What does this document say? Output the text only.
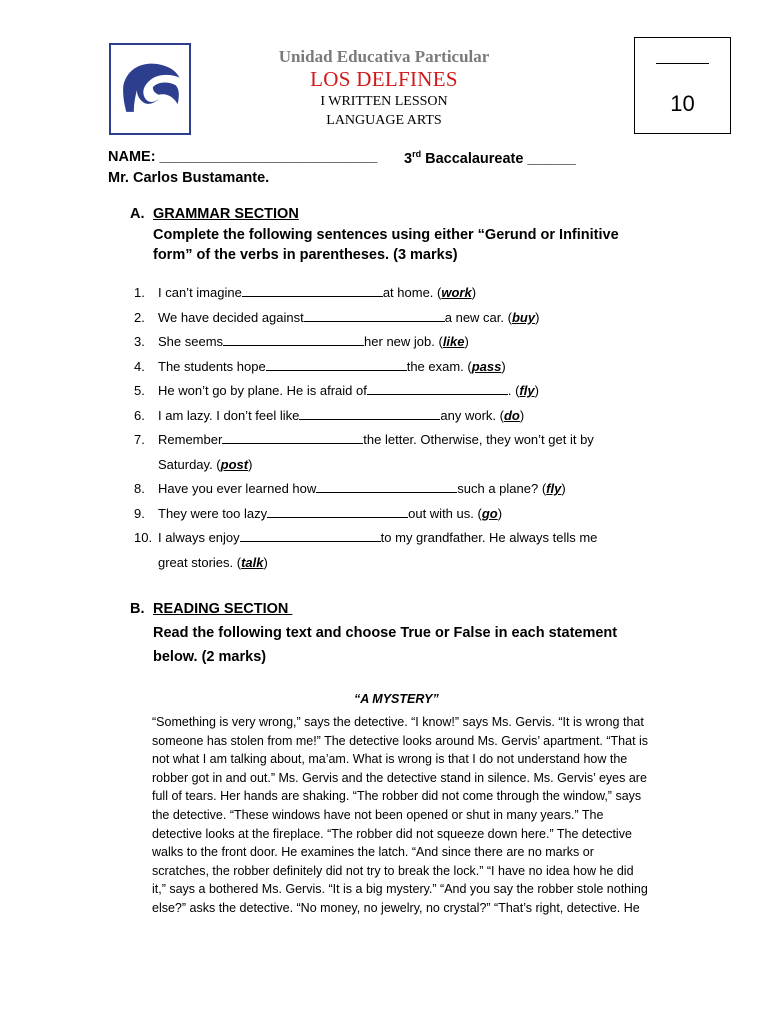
Unidad Educativa Particular
LOS DELFINES
I WRITTEN LESSON
LANGUAGE ARTS
10
NAME: ___________________________ 3rd Baccalaureate ______
Mr. Carlos Bustamante.
A. GRAMMAR SECTION
Complete the following sentences using either “Gerund or Infinitive
form” of the verbs in parentheses. (3 marks)
1. I can’t imagine	at home. (work)
2. We have decided against	a new car. (buy)
3. She seems	her new job. (like)
4. The students hope	the exam. (pass)
5. He won’t go by plane. He is afraid of	. (fly)
6. I am lazy. I don’t feel like	any work. (do)
7. Remember	the letter. Otherwise, they won’t get it by
Saturday. (post)
8. Have you ever learned how	such a plane? (fly)
9. They were too lazy	out with us. (go)
10. I always enjoy	to my grandfather. He always tells me
great stories. (talk)
B. READING SECTION
Read the following text and choose True or False in each statement
below. (2 marks)
“A MYSTERY”
“Something is very wrong,” says the detective. “I know!” says Ms. Gervis. “It is wrong that
someone has stolen from me!” The detective looks around Ms. Gervis’ apartment. “That is
not what I am talking about, ma’am. What is wrong is that I do not understand how the
robber got in and out.” Ms. Gervis and the detective stand in silence. Ms. Gervis’ eyes are
full of tears. Her hands are shaking. “The robber did not come through the window,” says
the detective. “These windows have not been opened or shut in many years.” The
detective looks at the fireplace. “The robber did not squeeze down here.” The detective
walks to the front door. He examines the latch. “And since there are no marks or
scratches, the robber definitely did not try to break the lock.” “I have no idea how he did
it,” says a bothered Ms. Gervis. “It is a big mystery.” “And you say the robber stole nothing
else?” asks the detective. “No money, no jewelry, no crystal?” “That’s right, detective. He
